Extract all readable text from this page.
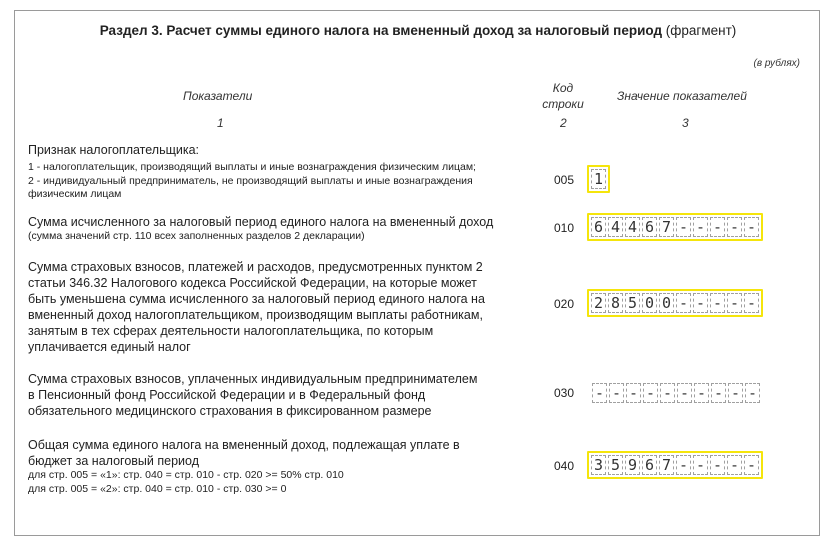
Раздел 3. Расчет суммы единого налога на вмененный доход за налоговый период (фрагмент)
(в рублях)
Показатели
Код
строки
Значение показателей
1	2	3
Признак налогоплательщика:
1 - налогоплательщик, производящий выплаты и иные вознаграждения физическим лицам;
2 - индивидуальный предприниматель, не производящий выплаты и иные вознаграждения
физическим лицам
005	1
Сумма исчисленного за налоговый период единого налога на вмененный доход
(сумма значений стр. 110 всех заполненных разделов 2 декларации)
010	6 4 4 6 7 - - - - -
Сумма страховых взносов, платежей и расходов, предусмотренных пунктом 2
статьи 346.32 Налогового кодекса Российской Федерации, на которые может
быть уменьшена сумма исчисленного за налоговый период единого налога на
вмененный доход налогоплательщиком, производящим выплаты работникам,
занятым в тех сферах деятельности налогоплательщика, по которым
уплачивается единый налог
020	2 8 5 0 0 - - - - -
Сумма страховых взносов, уплаченных индивидуальным предпринимателем
в Пенсионный фонд Российской Федерации и в Федеральный фонд
обязательного медицинского страхования в фиксированном размере
030	- - - - - - - - - -
Общая сумма единого налога на вмененный доход, подлежащая уплате в
бюджет за налоговый период
для стр. 005 = «1»: стр. 040 = стр. 010 - стр. 020 >= 50% стр. 010
для стр. 005 = «2»: стр. 040 = стр. 010 - стр. 030 >= 0
040	3 5 9 6 7 - - - - -
